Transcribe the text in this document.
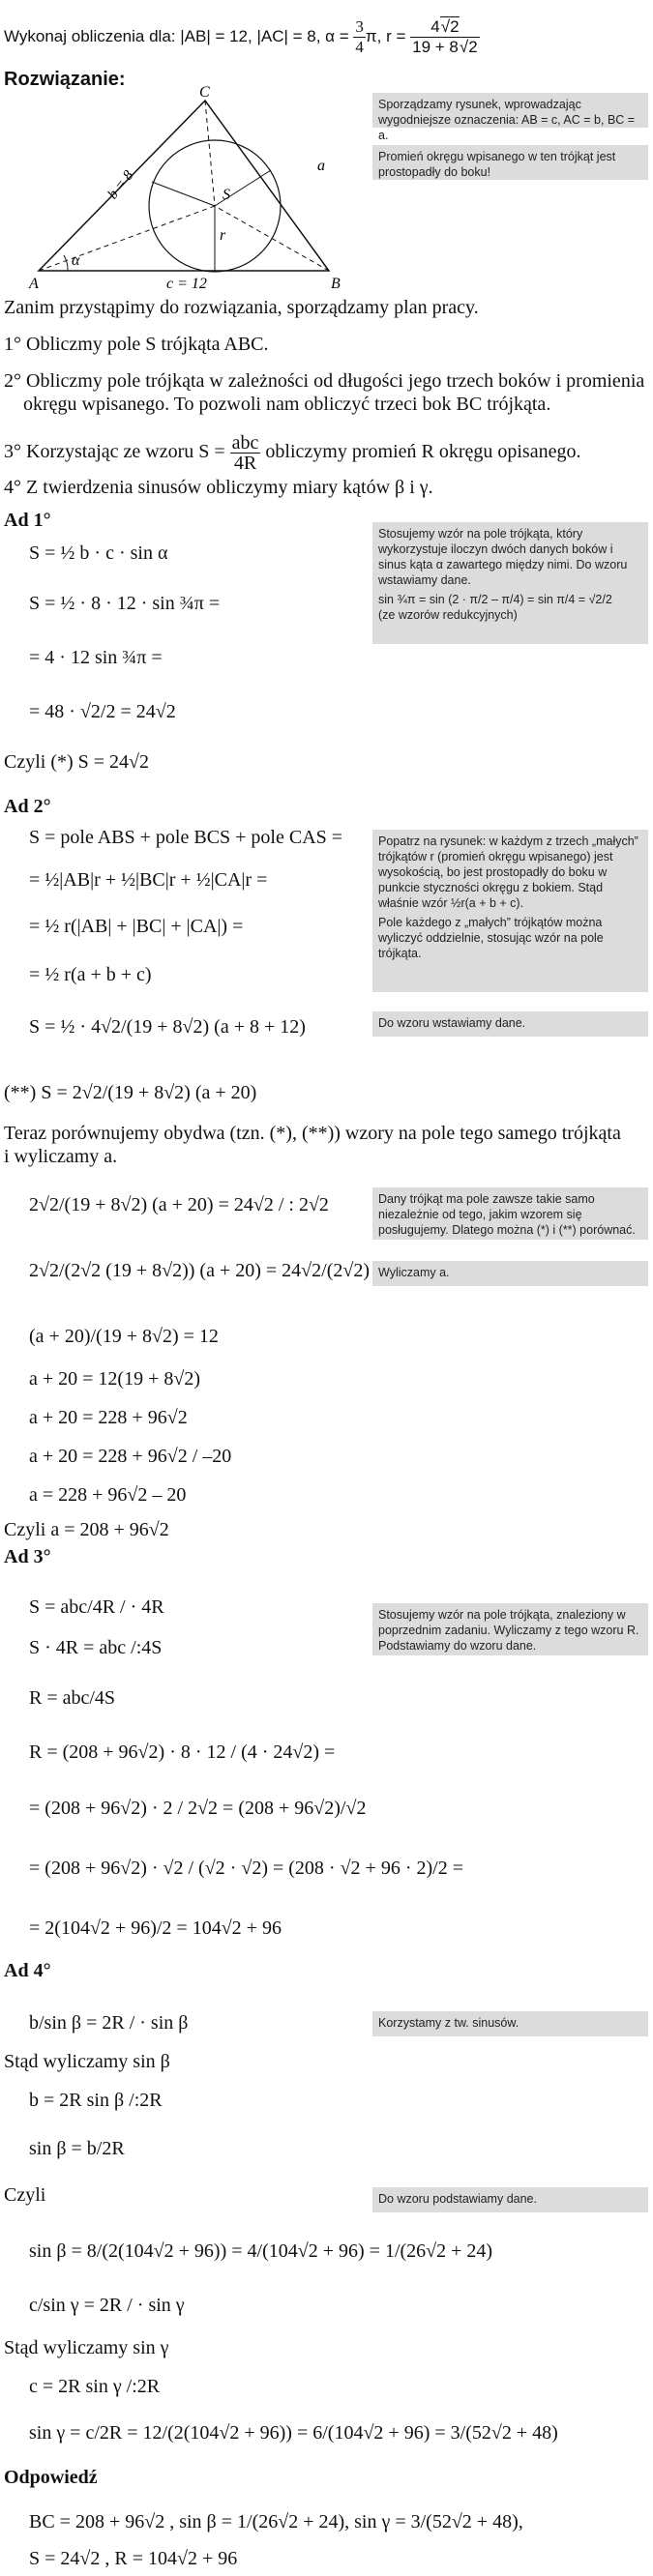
Wykonaj obliczenia dla: |AB| = 12, |AC| = 8, $\alpha = \frac{3}{4} \pi$, $r = \frac{4√2}{19 + 8√2}$
Rozwiązanie:
α
A	B
C
S
r
a
b = 8
c = 12
Sporządzamy rysunek, wprowadzając wygodniejsze oznaczenia: AB = c, AC = b, BC = a.
Promień okręgu wpisanego w ten trójkąt jest prostopadły do boku!
Zanim przystąpimy do rozwiązania, sporządzamy plan pracy.
1° Obliczmy pole S trójkąta ABC.
2° Obliczmy pole trójkąta w zależności od długości jego trzech boków i promienia
okręgu wpisanego. To pozwoli nam obliczyć trzeci bok BC trójkąta.
3° Korzystając ze wzoru $S = \frac{\text{abc}}{4R}$ obliczymy promień R okręgu opisanego.
4° Z twierdzenia sinusów obliczymy miary kątów β i γ.
Ad 1°
S = ½ b · c · sin α
S = ½ · 8 · 12 · sin ¾π =
= 4 · 12 sin ¾π =
= 48 · √2/2 = 24√2
Czyli (*) S = 24√2
Stosujemy wzór na pole trójkąta, który wykorzystuje iloczyn dwóch danych boków i sinus kąta α zawartego między nimi. Do wzoru wstawiamy dane.
sin ¾π = sin (2 · π/2 – π/4) = sin π/4 = √2/2
(ze wzorów redukcyjnych)
Ad 2°
S = pole ABS + pole BCS + pole CAS =
= ½|AB|r + ½|BC|r + ½|CA|r =
= ½ r(|AB| + |BC| + |CA|) =
= ½ r(a + b + c)
S = ½ · 4√2/(19 + 8√2) (a + 8 + 12)
Popatrz na rysunek: w każdym z trzech „małych” trójkątów r (promień okręgu wpisanego) jest wysokością, bo jest prostopadły do boku w punkcie styczności okręgu z bokiem. Stąd właśnie wzór ½r(a + b + c).
Pole każdego z „małych” trójkątów można wyliczyć oddzielnie, stosując wzór na pole trójkąta.
Do wzoru wstawiamy dane.
(**) S = 2√2/(19 + 8√2) (a + 20)
Teraz porównujemy obydwa (tzn. (*), (**)) wzory na pole tego samego trójkąta
i wyliczamy a.
2√2/(19 + 8√2) (a + 20) = 24√2 / : 2√2
2√2/(2√2 (19 + 8√2)) (a + 20) = 24√2/(2√2)
(a + 20)/(19 + 8√2) = 12
a + 20 = 12(19 + 8√2)
a + 20 = 228 + 96√2
a + 20 = 228 + 96√2 / –20
a = 228 + 96√2 – 20
Czyli a = 208 + 96√2
Dany trójkąt ma pole zawsze takie samo niezależnie od tego, jakim wzorem się posługujemy. Dlatego można (*) i (**) porównać.
Wyliczamy a.
Ad 3°
S = abc/4R / · 4R
S · 4R = abc /:4S
R = abc/4S
R = (208 + 96√2) · 8 · 12 / (4 · 24√2) =
= (208 + 96√2) · 2 / 2√2 = (208 + 96√2)/√2
= (208 + 96√2) · √2 / (√2 · √2) = (208 · √2 + 96 · 2)/2 =
= 2(104√2 + 96)/2 = 104√2 + 96
Stosujemy wzór na pole trójkąta, znaleziony w poprzednim zadaniu. Wyliczamy z tego wzoru R. Podstawiamy do wzoru dane.
Ad 4°
b/sin β = 2R / · sin β
Stąd wyliczamy sin β
b = 2R sin β /:2R
sin β = b/2R
Czyli
sin β = 8/(2(104√2 + 96)) = 4/(104√2 + 96) = 1/(26√2 + 24)
c/sin γ = 2R / · sin γ
Stąd wyliczamy sin γ
c = 2R sin γ /:2R
sin γ = c/2R = 12/(2(104√2 + 96)) = 6/(104√2 + 96) = 3/(52√2 + 48)
Korzystamy z tw. sinusów.
Do wzoru podstawiamy dane.
Odpowiedź
BC = 208 + 96√2 , sin β = 1/(26√2 + 24), sin γ = 3/(52√2 + 48),
S = 24√2 , R = 104√2 + 96
